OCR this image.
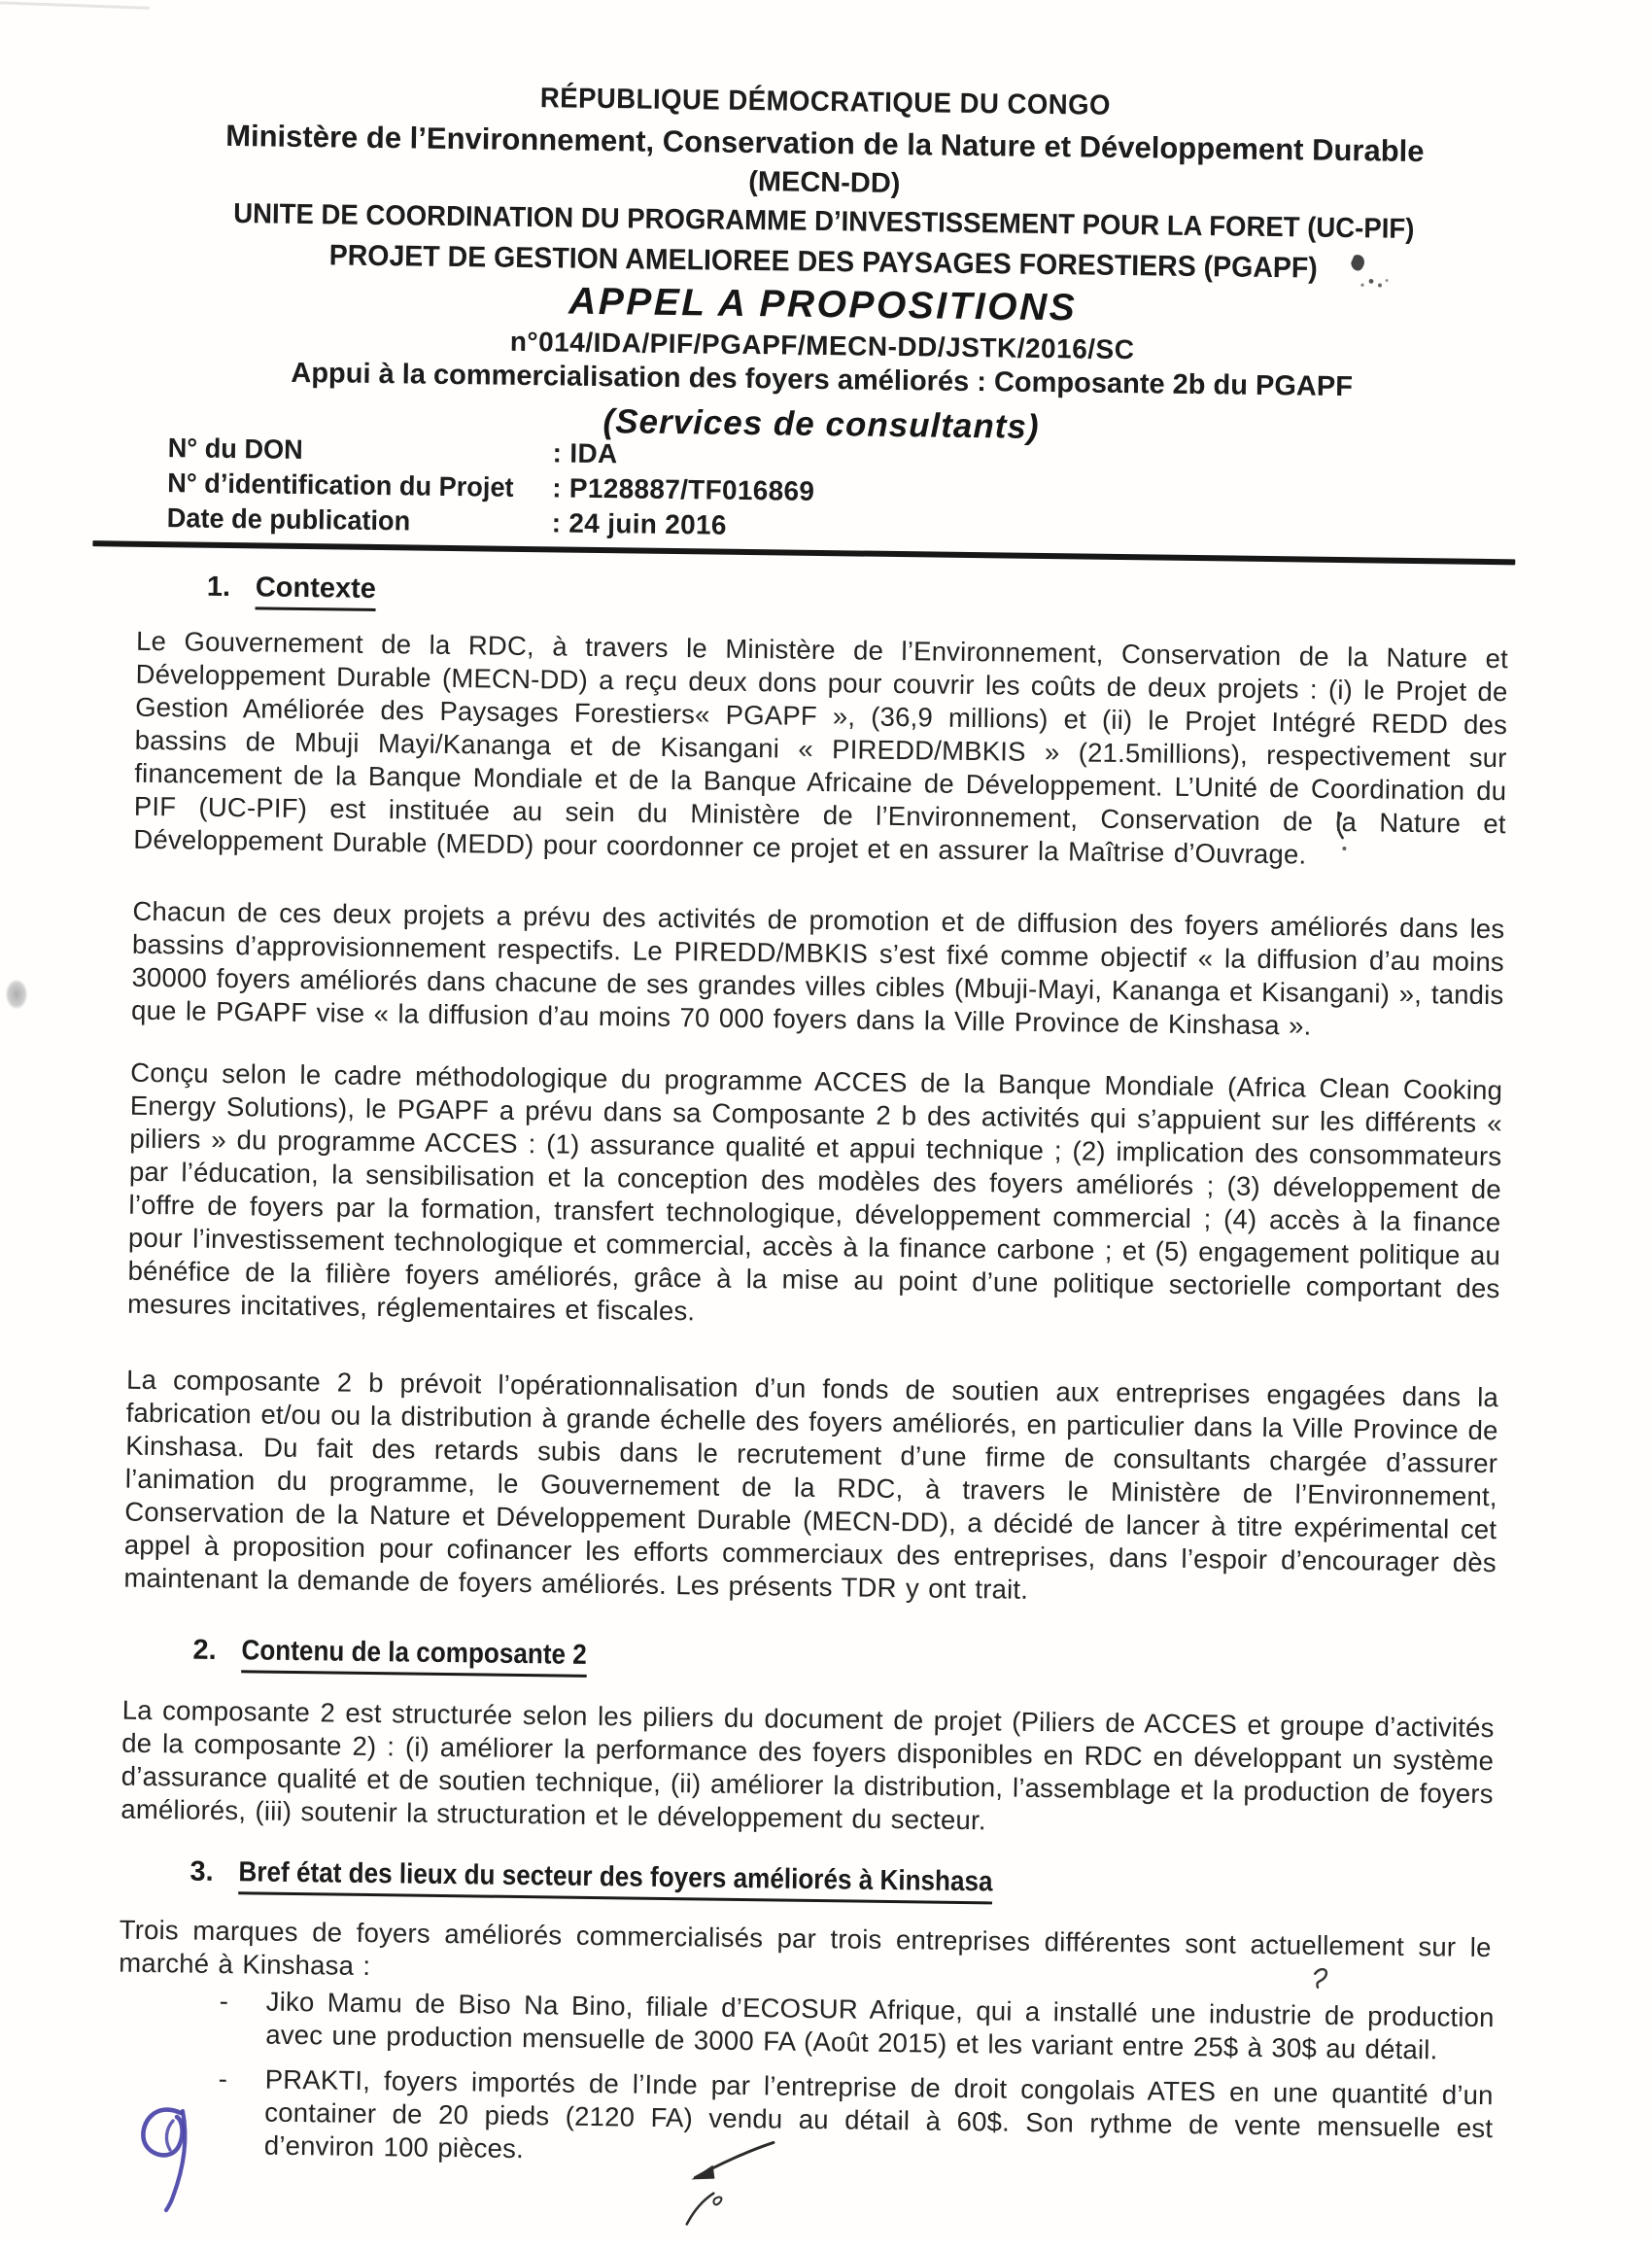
RÉPUBLIQUE DÉMOCRATIQUE DU CONGO
Ministère de l’Environnement, Conservation de la Nature et Développement Durable
(MECN-DD)
UNITE DE COORDINATION DU PROGRAMME D’INVESTISSEMENT POUR LA FORET (UC-PIF)
PROJET DE GESTION AMELIOREE DES PAYSAGES FORESTIERS (PGAPF)
APPEL A PROPOSITIONS
n°014/IDA/PIF/PGAPF/MECN-DD/JSTK/2016/SC
Appui à la commercialisation des foyers améliorés : Composante 2b du PGAPF
(Services de consultants)
N° du DON	: IDA
N° d’identification du Projet : P128887/TF016869
Date de publication	: 24 juin 2016
1. Contexte

Le Gouvernement de la RDC, à travers le Ministère de l’Environnement, Conservation de la Nature et Développement Durable (MECN-DD) a reçu deux dons pour couvrir les coûts de deux projets : (i) le Projet de Gestion Améliorée des Paysages Forestiers« PGAPF », (36,9 millions) et (ii) le Projet Intégré REDD des bassins de Mbuji Mayi/Kananga et de Kisangani « PIREDD/MBKIS » (21.5millions), respectivement sur financement de la Banque Mondiale et de la Banque Africaine de Développement. L’Unité de Coordination du PIF (UC-PIF) est instituée au sein du Ministère de l’Environnement, Conservation de la Nature et Développement Durable (MEDD) pour coordonner ce projet et en assurer la Maîtrise d’Ouvrage.

Chacun de ces deux projets a prévu des activités de promotion et de diffusion des foyers améliorés dans les bassins d’approvisionnement respectifs. Le PIREDD/MBKIS s’est fixé comme objectif « la diffusion d’au moins 30000 foyers améliorés dans chacune de ses grandes villes cibles (Mbuji-Mayi, Kananga et Kisangani) », tandis que le PGAPF vise « la diffusion d’au moins 70 000 foyers dans la Ville Province de Kinshasa ».

Conçu selon le cadre méthodologique du programme ACCES de la Banque Mondiale (Africa Clean Cooking Energy Solutions), le PGAPF a prévu dans sa Composante 2 b des activités qui s’appuient sur les différents « piliers » du programme ACCES : (1) assurance qualité et appui technique ; (2) implication des consommateurs par l’éducation, la sensibilisation et la conception des modèles des foyers améliorés ; (3) développement de l’offre de foyers par la formation, transfert technologique, développement commercial ; (4) accès à la finance pour l’investissement technologique et commercial, accès à la finance carbone ; et (5) engagement politique au bénéfice de la filière foyers améliorés, grâce à la mise au point d’une politique sectorielle comportant des mesures incitatives, réglementaires et fiscales.

La composante 2 b prévoit l’opérationnalisation d’un fonds de soutien aux entreprises engagées dans la fabrication et/ou ou la distribution à grande échelle des foyers améliorés, en particulier dans la Ville Province de Kinshasa. Du fait des retards subis dans le recrutement d’une firme de consultants chargée d’assurer l’animation du programme, le Gouvernement de la RDC, à travers le Ministère de l’Environnement, Conservation de la Nature et Développement Durable (MECN-DD), a décidé de lancer à titre expérimental cet appel à proposition pour cofinancer les efforts commerciaux des entreprises, dans l’espoir d’encourager dès maintenant la demande de foyers améliorés. Les présents TDR y ont trait.

2. Contenu de la composante 2

La composante 2 est structurée selon les piliers du document de projet (Piliers de ACCES et groupe d’activités de la composante 2) : (i) améliorer la performance des foyers disponibles en RDC en développant un système d’assurance qualité et de soutien technique, (ii) améliorer la distribution, l’assemblage et la production de foyers améliorés, (iii) soutenir la structuration et le développement du secteur.

3. Bref état des lieux du secteur des foyers améliorés à Kinshasa

Trois marques de foyers améliorés commercialisés par trois entreprises différentes sont actuellement sur le marché à Kinshasa :

-	Jiko Mamu de Biso Na Bino, filiale d’ECOSUR Afrique, qui a installé une industrie de production avec une production mensuelle de 3000 FA (Août 2015) et les variant entre 25$ à 30$ au détail.
-	PRAKTI, foyers importés de l’Inde par l’entreprise de droit congolais ATES en une quantité d’un container de 20 pieds (2120 FA) vendu au détail à 60$. Son rythme de vente mensuelle est d’environ 100 pièces.
